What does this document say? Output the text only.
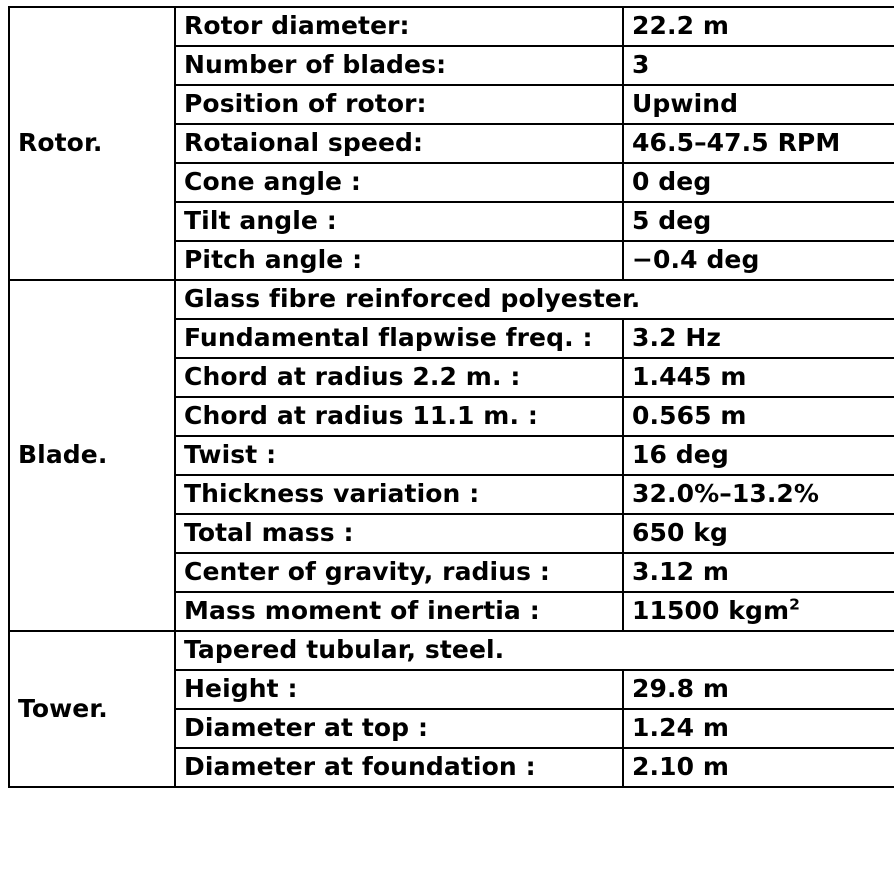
Rotor.	Rotor diameter:	22.2 m
	Number of blades:	3
	Position of rotor:	Upwind
	Rotaional speed:	46.5–47.5 RPM
	Cone angle :	0 deg
	Tilt angle :	5 deg
	Pitch angle :	−0.4 deg
Blade.	Glass fibre reinforced polyester.	
	Fundamental flapwise freq. :	3.2 Hz
	Chord at radius 2.2 m. :	1.445 m
	Chord at radius 11.1 m. :	0.565 m
	Twist :	16 deg
	Thickness variation :	32.0%–13.2%
	Total mass :	650 kg
	Center of gravity, radius :	3.12 m
	Mass moment of inertia :	11500 kgm$^2$
Tower.	Tapered tubular, steel.	
	Height :	29.8 m
	Diameter at top :	1.24 m
	Diameter at foundation :	2.10 m
